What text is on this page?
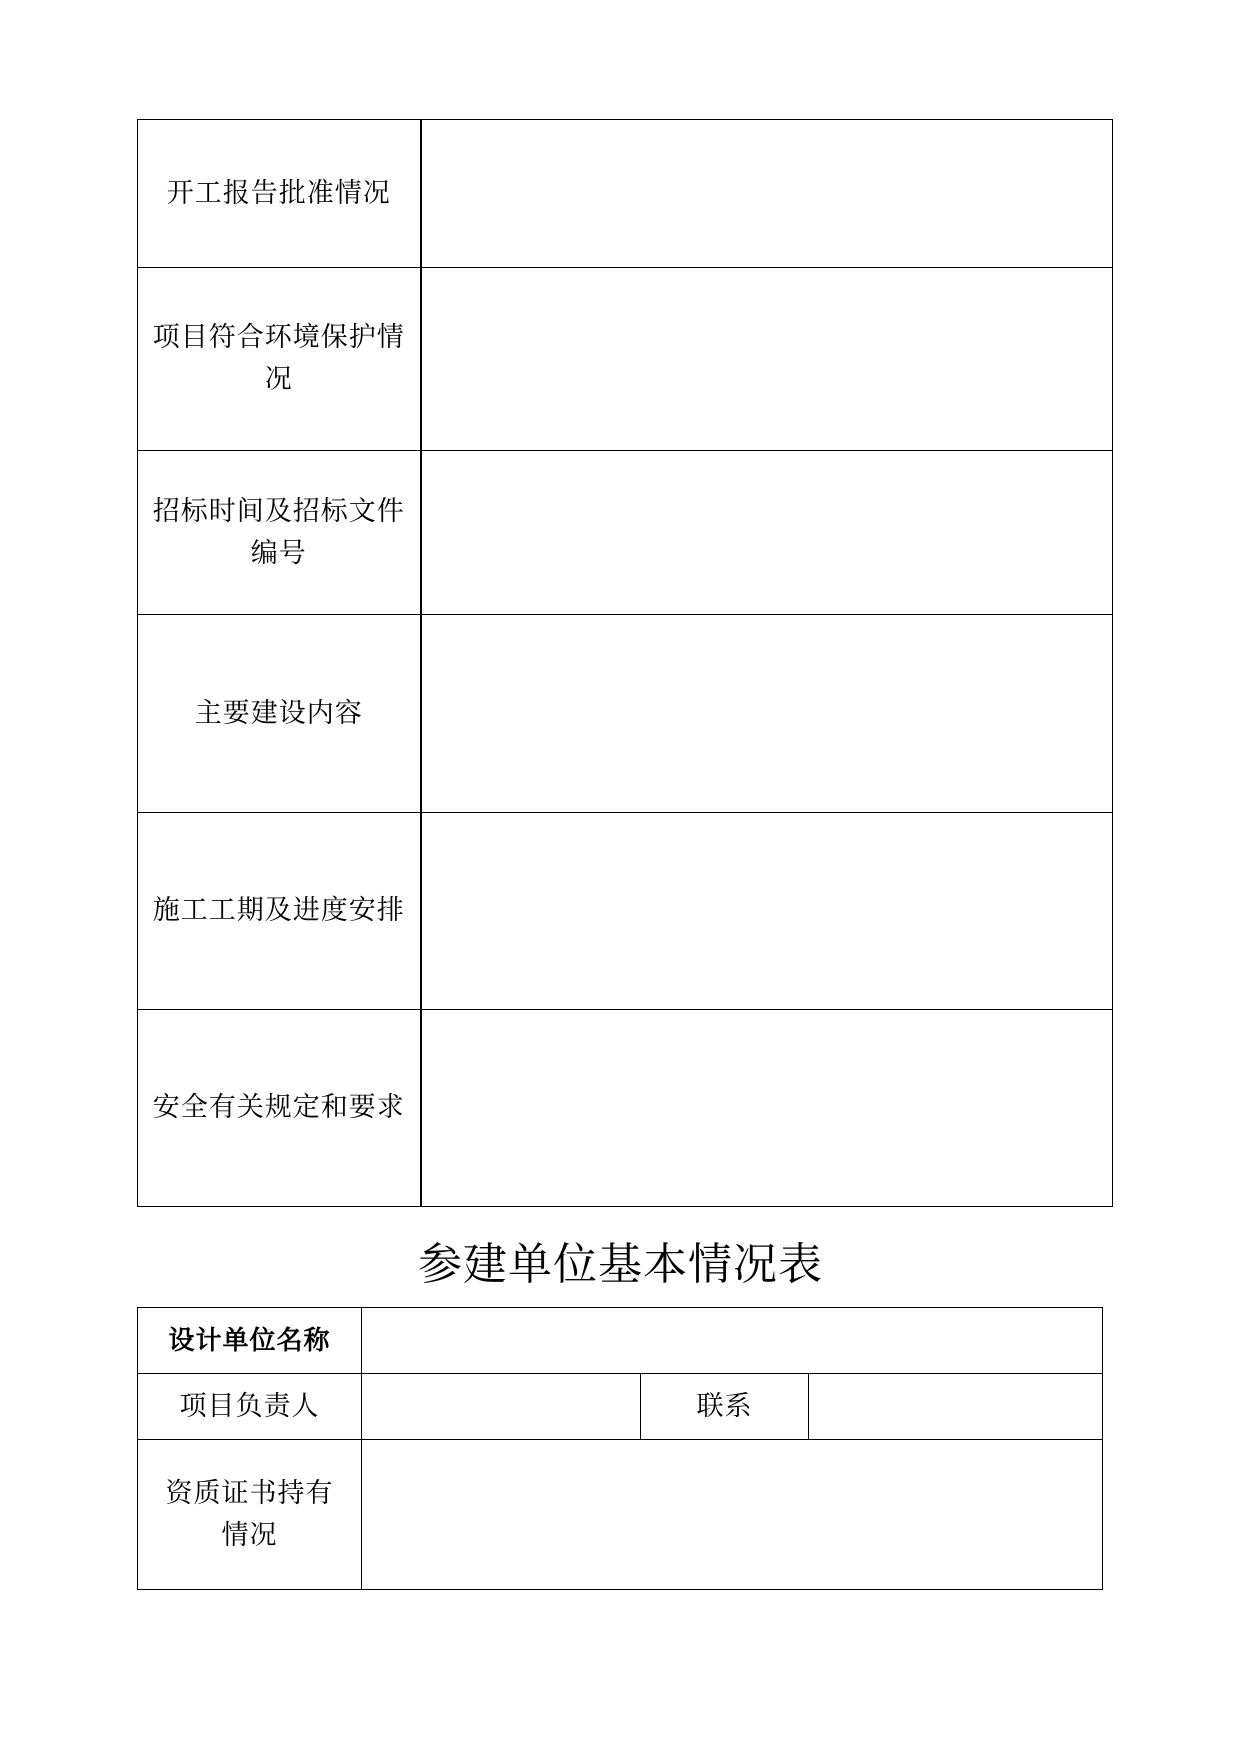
开工报告批准情况	
项目符合环境保护情况	
招标时间及招标文件编号	
主要建设内容	
施工工期及进度安排	
安全有关规定和要求	
参建单位基本情况表
设计单位名称			
项目负责人		联系	
资质证书持有情况			
